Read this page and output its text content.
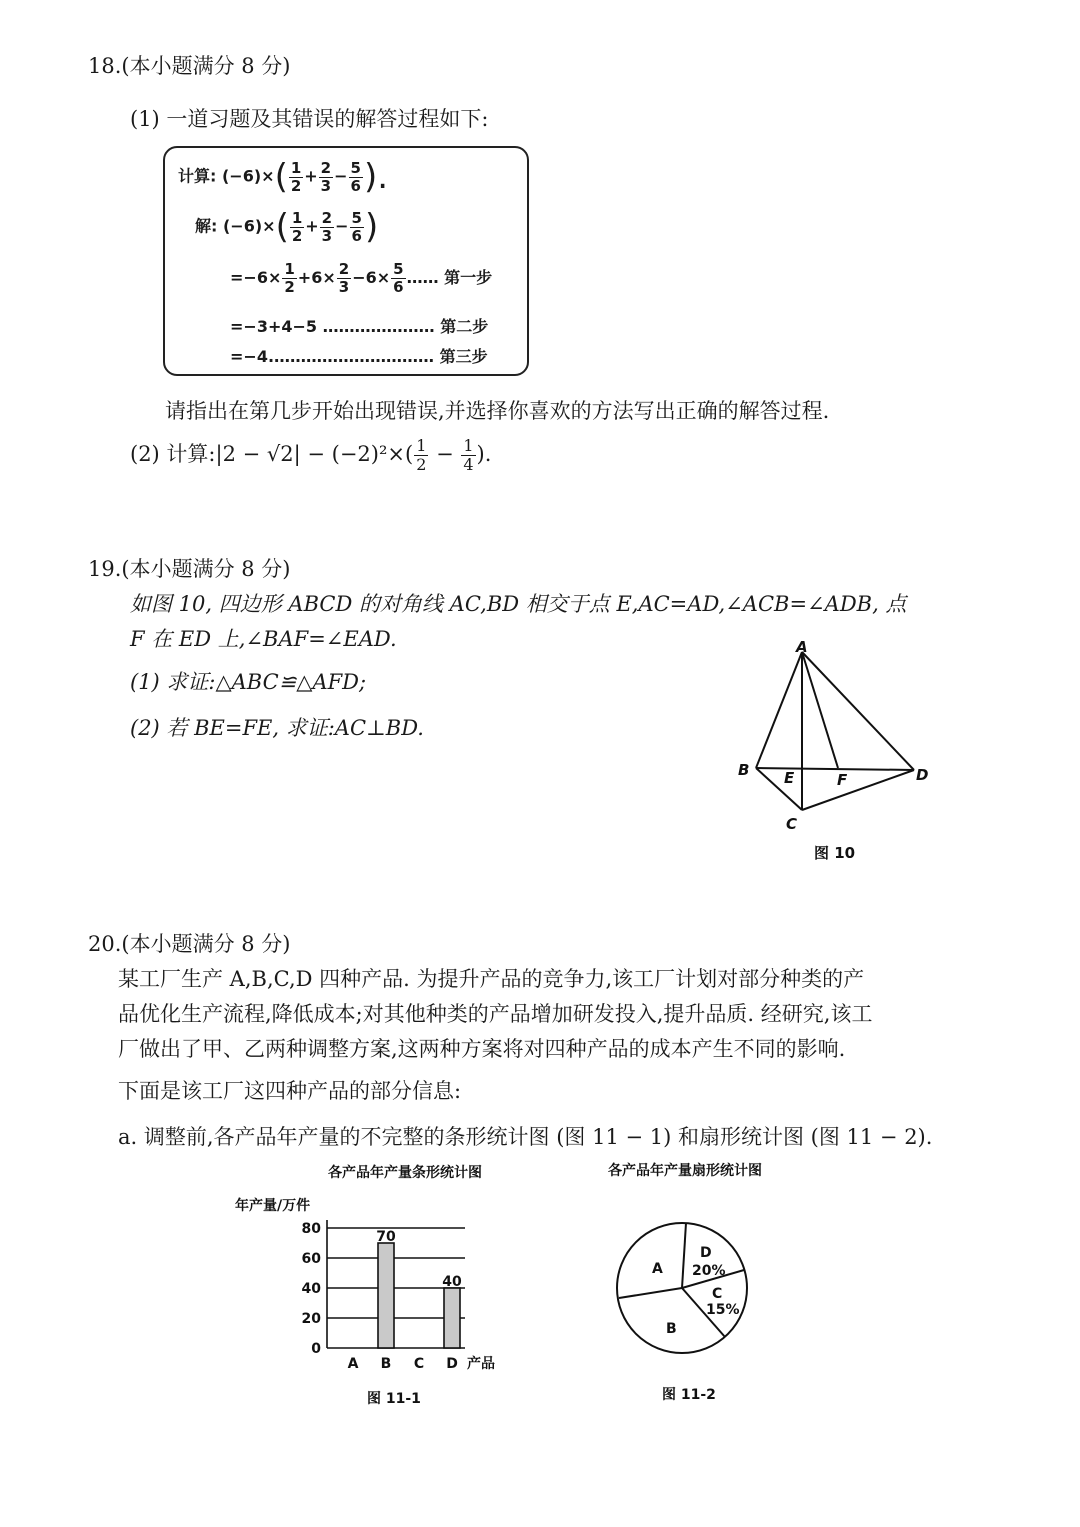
18.(本小题满分 8 分)
(1) 一道习题及其错误的解答过程如下:
计算: $(-6)\times( \frac{1}{2} + \frac{2}{3} - \frac{5}{6}$ ).
解: $(-6)\times( \frac{1}{2} + \frac{2}{3} - \frac{5}{6}$ )
$=-6\times \frac{1}{2} +6\times \frac{2}{3} -6\times \frac{5}{6}$ …… 第一步
=−3+4−5 ………………… 第二步
=−4.………………………… 第三步
请指出在第几步开始出现错误,并选择你喜欢的方法写出正确的解答过程.
(2) 计算:|2 − $√2| - (-2)^2\times( \frac{1}{2} - \frac{1}{4}$ ).
19.(本小题满分 8 分)
如图 10, 四边形 ABCD 的对角线 AC,BD 相交于点 E,AC=AD,∠ACB=∠ADB, 点
F 在 ED 上,∠BAF=∠EAD.
(1) 求证:△ABC≌△AFD;
(2) 若 BE=FE, 求证:AC⊥BD.
A
B
C
D
E	F
图 10
20.(本小题满分 8 分)
某工厂生产 A,B,C,D 四种产品. 为提升产品的竞争力,该工厂计划对部分种类的产
品优化生产流程,降低成本;对其他种类的产品增加研发投入,提升品质. 经研究,该工
厂做出了甲、乙两种调整方案,这两种方案将对四种产品的成本产生不同的影响.
下面是该工厂这四种产品的部分信息:
a. 调整前,各产品年产量的不完整的条形统计图 (图 11 − 1) 和扇形统计图 (图 11 − 2).
各产品年产量条形统计图
年产量/万件
0
20
40
60
80	70
40
A B C D 产品
图 11-1
各产品年产量扇形统计图
A
D
20%
C
15%
B
图 11-2
